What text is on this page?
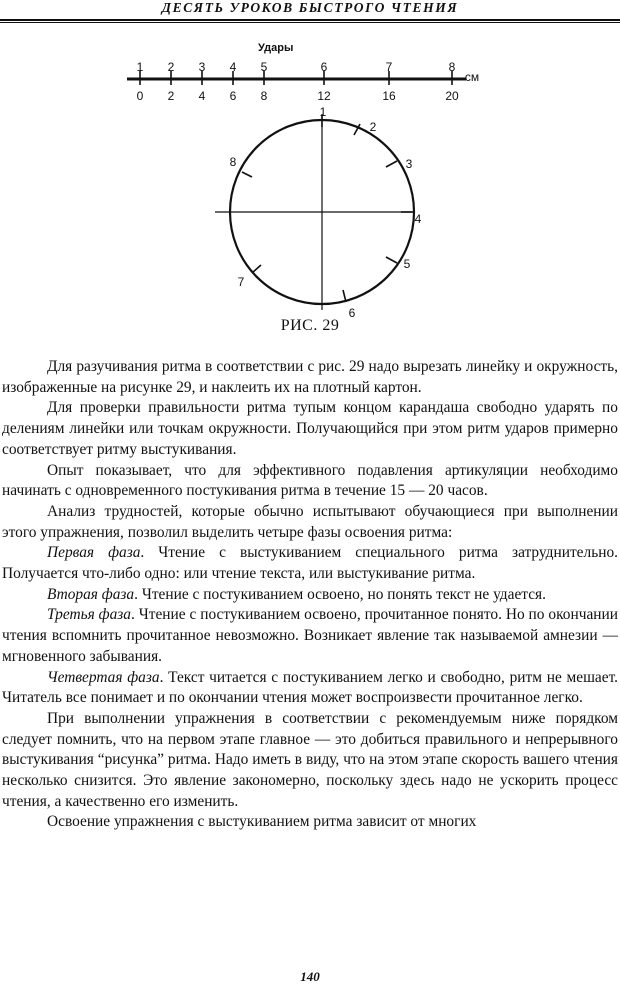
ДЕСЯТЬ УРОКОВ БЫСТРОГО ЧТЕНИЯ
Удары
1 2 3 4 5	6	7	8
см
0 2 4 6 8	12	16	20
1
2
3
4
5
6
7
8
РИС. 29

Для разучивания ритма в соответствии с рис. 29 надо вырезать линейку и окружность, изображенные на рисунке 29, и наклеить их на плотный картон.

Для проверки правильности ритма тупым концом карандаша свободно ударять по делениям линейки или точкам окружности. Получающийся при этом ритм ударов примерно соответствует ритму выстукивания.

Опыт показывает, что для эффективного подавления артикуляции необходимо начинать с одновременного постукивания ритма в течение 15 — 20 часов.

Анализ трудностей, которые обычно испытывают обучающиеся при выполнении этого упражнения, позволил выделить четыре фазы освоения ритма:

Первая фаза. Чтение с выстукиванием специального ритма затруднительно. Получается что-либо одно: или чтение текста, или выстукивание ритма.

Вторая фаза. Чтение с постукиванием освоено, но понять текст не удается.

Третья фаза. Чтение с постукиванием освоено, прочитанное понято. Но по окончании чтения вспомнить прочитанное невозможно. Возникает явление так называемой амнезии — мгновенного забывания.

Четвертая фаза. Текст читается с постукиванием легко и свободно, ритм не мешает. Читатель все понимает и по окончании чтения может воспроизвести прочитанное легко.

При выполнении упражнения в соответствии с рекомендуемым ниже порядком следует помнить, что на первом этапе главное — это добиться правильного и непрерывного выстукивания “рисунка” ритма. Надо иметь в виду, что на этом этапе скорость вашего чтения несколько снизится. Это явление закономерно, поскольку здесь надо не ускорить процесс чтения, а качественно его изменить.

Освоение упражнения с выстукиванием ритма зависит от многих

140
